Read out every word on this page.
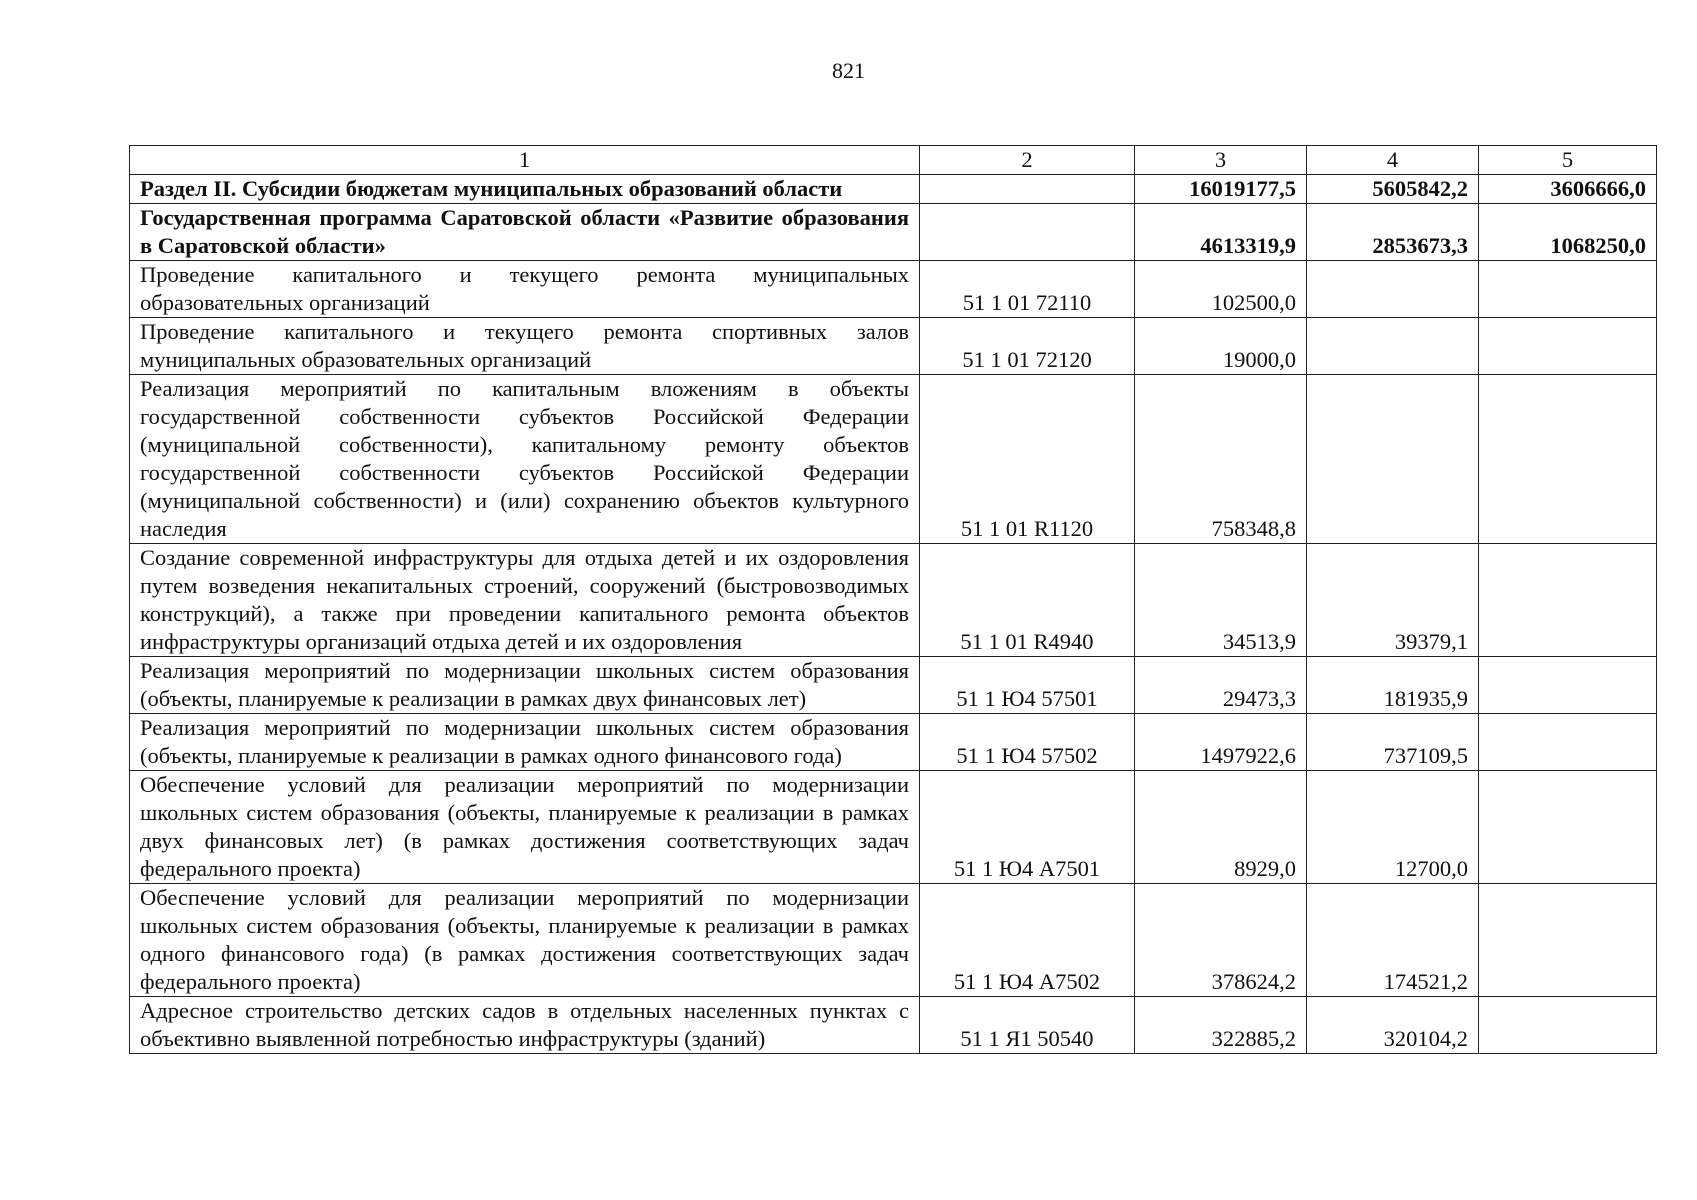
821
1	2	3	4	5
Раздел II. Субсидии бюджетам муниципальных образований области		16019177,5	5605842,2	3606666,0
Государственная программа Саратовской области «Развитие образования в Саратовской области»		4613319,9	2853673,3	1068250,0
Проведение капитального и текущего ремонта муниципальных образовательных организаций	51 1 01 72110	102500,0		
Проведение капитального и текущего ремонта спортивных залов муниципальных образовательных организаций	51 1 01 72120	19000,0		
Реализация мероприятий по капитальным вложениям в объекты государственной собственности субъектов Российской Федерации (муниципальной собственности), капитальному ремонту объектов государственной собственности субъектов Российской Федерации (муниципальной собственности) и (или) сохранению объектов культурного наследия	51 1 01 R1120	758348,8		
Создание современной инфраструктуры для отдыха детей и их оздоровления путем возведения некапитальных строений, сооружений (быстровозводимых конструкций), а также при проведении капитального ремонта объектов инфраструктуры организаций отдыха детей и их оздоровления	51 1 01 R4940	34513,9	39379,1	
Реализация мероприятий по модернизации школьных систем образования (объекты, планируемые к реализации в рамках двух финансовых лет)	51 1 Ю4 57501	29473,3	181935,9	
Реализация мероприятий по модернизации школьных систем образования (объекты, планируемые к реализации в рамках одного финансового года)	51 1 Ю4 57502	1497922,6	737109,5	
Обеспечение условий для реализации мероприятий по модернизации школьных систем образования (объекты, планируемые к реализации в рамках двух финансовых лет) (в рамках достижения соответствующих задач федерального проекта)	51 1 Ю4 А7501	8929,0	12700,0	
Обеспечение условий для реализации мероприятий по модернизации школьных систем образования (объекты, планируемые к реализации в рамках одного финансового года) (в рамках достижения соответствующих задач федерального проекта)	51 1 Ю4 А7502	378624,2	174521,2	
Адресное строительство детских садов в отдельных населенных пунктах с объективно выявленной потребностью инфраструктуры (зданий)	51 1 Я1 50540	322885,2	320104,2	
